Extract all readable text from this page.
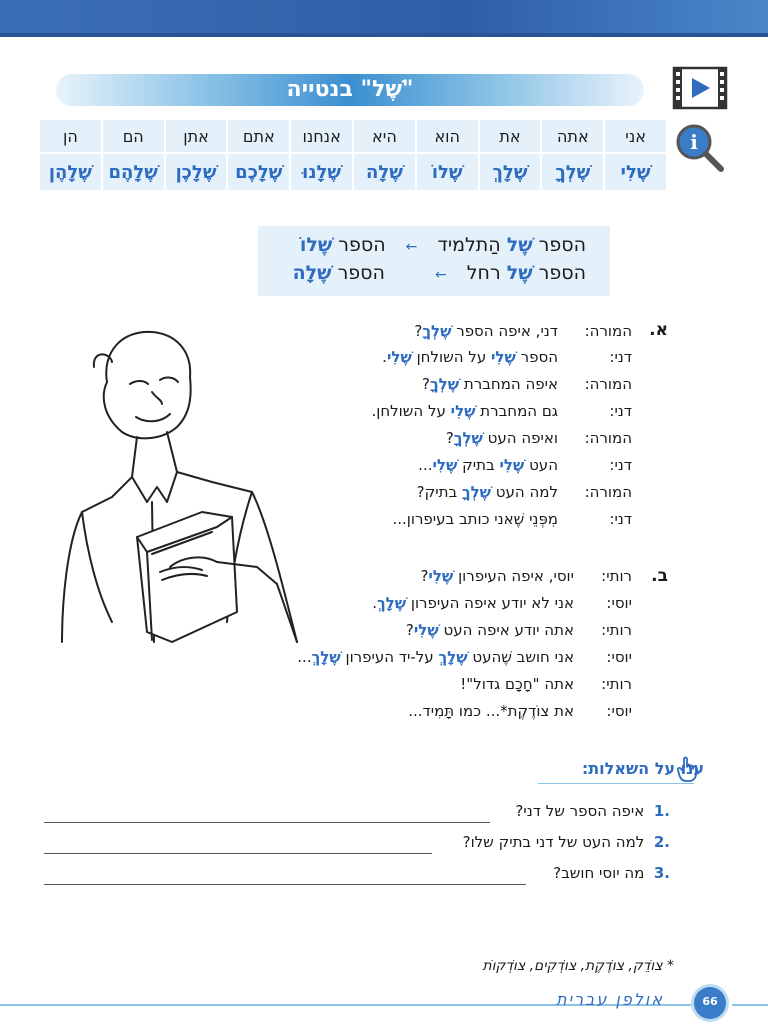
"שֶׁל" בנטייה
i
אני	אתה	את	הוא	היא	אנחנו	אתם	אתן	הם	הן
שֶׁלִי	שֶׁלְךָ	שֶׁלָךְ	שֶׁלוֹ	שֶׁלָה	שֶׁלָנוּ	שֶׁלָכֶם	שֶׁלָכֶן	שֶׁלָהֶם	שֶׁלָהֶן
הספר שֶׁל הַתלמיד ← הספר שֶׁלוֹ
הספר שֶׁל רחל ← הספר שֶׁלָה
א.
המורה:
דני, איפה הספר שֶׁלְךָ?
דני:
הספר שֶׁלִי על השולחן שֶׁלִי.
המורה:
איפה המחברת שֶׁלְךָ?
דני:
גם המחברת שֶׁלִי על השולחן.
המורה:
ואיפה העט שֶׁלְךָ?
דני:
העט שֶׁלִי בתיק שֶׁלִי...
המורה:
למה העט שֶׁלְךָ בתיק?
דני:
מִפְּנֵי שֶׁאני כותב בעיפרון...
ב.
רותי:
יוסי, איפה העיפרון שֶׁלִי?
יוסי:
אני לא יודע איפה העיפרון שֶׁלָךְ.
רותי:
אתה יודע איפה העט שֶׁלִי?
יוסי:
אני חושב שֶׁהעט שֶׁלָךְ על-יד העיפרון שֶׁלָךְ...
רותי:
אתה "חָכָם גדול"!
יוסי:
את צוֹדֶקֶת*... כמו תָּמִיד...
ענו על השאלות:
.1  איפה הספר של דני?
.2  למה העט של דני בתיק שלו?
.3  מה יוסי חושב?
* צוֹדֵק, צוֹדֶקֶת, צוֹדְקִים, צוֹדְקוֹת
אולפן עברית	66
